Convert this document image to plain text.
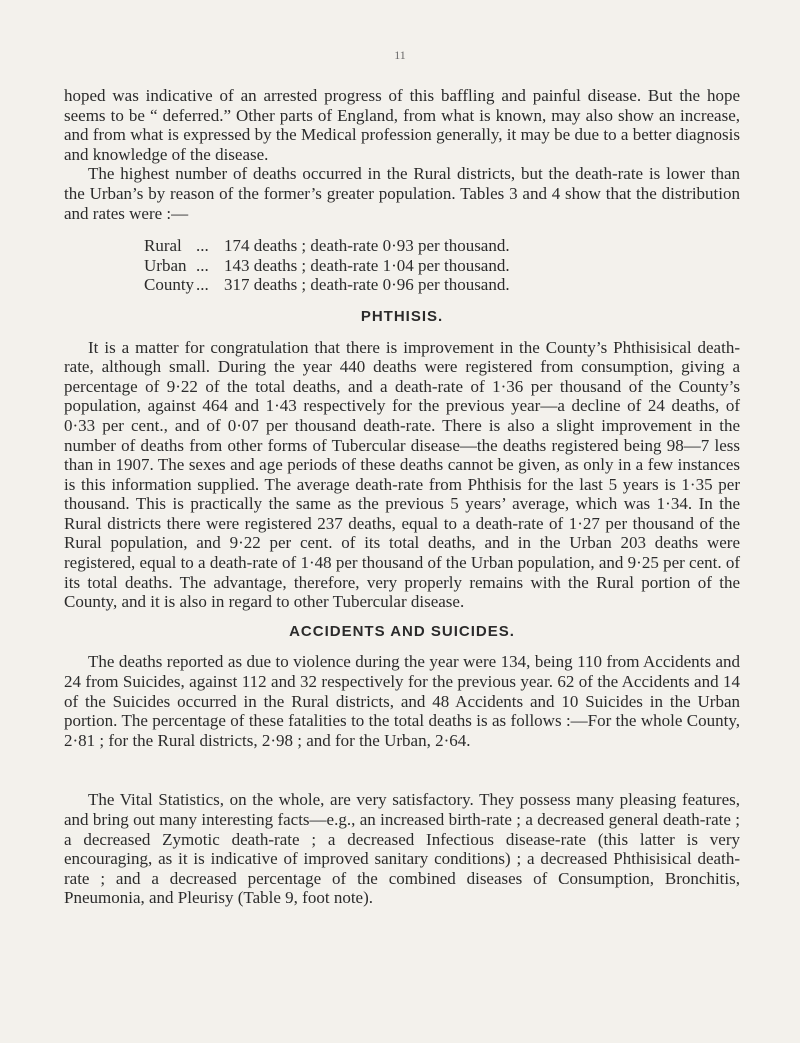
11

hoped was indicative of an arrested progress of this baffling and painful disease. But the hope seems to be “ deferred.” Other parts of England, from what is known, may also show an increase, and from what is expressed by the Medical profession generally, it may be due to a better diagnosis and knowledge of the disease.

The highest number of deaths occurred in the Rural districts, but the death-rate is lower than the Urban’s by reason of the former’s greater population. Tables 3 and 4 show that the distribution and rates were :—

Rural ... 174 deaths ; death-rate 0·93 per thousand.
Urban ... 143 deaths ; death-rate 1·04 per thousand.
County ... 317 deaths ; death-rate 0·96 per thousand.
PHTHISIS.

It is a matter for congratulation that there is improvement in the County’s Phthisisical death-rate, although small. During the year 440 deaths were registered from consumption, giving a percentage of 9·22 of the total deaths, and a death-rate of 1·36 per thousand of the County’s population, against 464 and 1·43 respectively for the previous year—a decline of 24 deaths, of 0·33 per cent., and of 0·07 per thousand death-rate. There is also a slight improvement in the number of deaths from other forms of Tubercular disease—the deaths registered being 98—7 less than in 1907. The sexes and age periods of these deaths cannot be given, as only in a few instances is this information supplied. The average death-rate from Phthisis for the last 5 years is 1·35 per thousand. This is practically the same as the previous 5 years’ average, which was 1·34. In the Rural districts there were registered 237 deaths, equal to a death-rate of 1·27 per thousand of the Rural population, and 9·22 per cent. of its total deaths, and in the Urban 203 deaths were registered, equal to a death-rate of 1·48 per thousand of the Urban population, and 9·25 per cent. of its total deaths. The advantage, therefore, very properly remains with the Rural portion of the County, and it is also in regard to other Tubercular disease.

ACCIDENTS AND SUICIDES.

The deaths reported as due to violence during the year were 134, being 110 from Accidents and 24 from Suicides, against 112 and 32 respectively for the previous year. 62 of the Accidents and 14 of the Suicides occurred in the Rural districts, and 48 Accidents and 10 Suicides in the Urban portion. The percentage of these fatalities to the total deaths is as follows :—For the whole County, 2·81 ; for the Rural districts, 2·98 ; and for the Urban, 2·64.

The Vital Statistics, on the whole, are very satisfactory. They possess many pleasing features, and bring out many interesting facts—e.g., an increased birth-rate ; a decreased general death-rate ; a decreased Zymotic death-rate ; a decreased Infectious disease-rate (this latter is very encouraging, as it is indicative of improved sanitary conditions) ; a decreased Phthisisical death-rate ; and a decreased percentage of the combined diseases of Consumption, Bronchitis, Pneumonia, and Pleurisy (Table 9, foot note).
